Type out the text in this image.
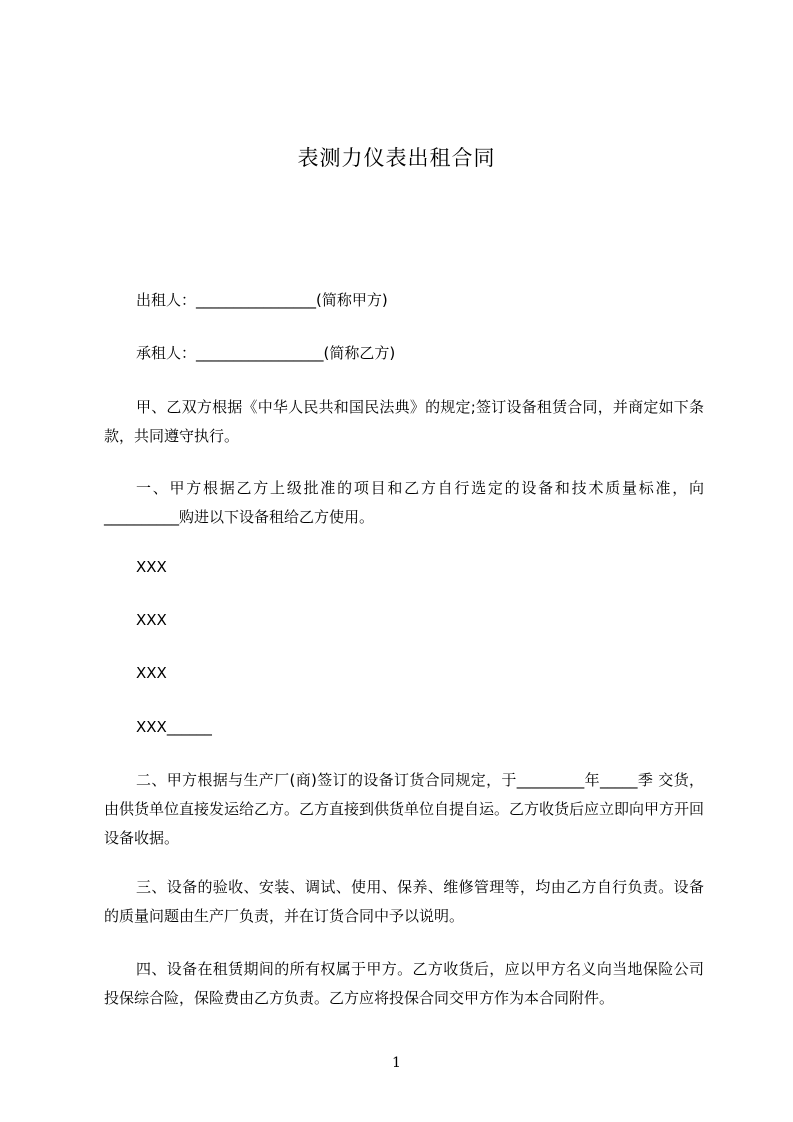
表测力仪表出租合同
出租人：________________(简称甲方)
承租人：_________________(简称乙方)
甲、乙双方根据《中华人民共和国民法典》的规定;签订设备租赁合同，并商定如下条款，共同遵守执行。
一、甲方根据乙方上级批准的项目和乙方自行选定的设备和技术质量标准，向__________购进以下设备租给乙方使用。
XXX
XXX
XXX
XXX______
二、甲方根据与生产厂(商)签订的设备订货合同规定，于_________年_____季 交货，由供货单位直接发运给乙方。乙方直接到供货单位自提自运。乙方收货后应立即向甲方开回设备收据。
三、设备的验收、安装、调试、使用、保养、维修管理等，均由乙方自行负责。设备的质量问题由生产厂负责，并在订货合同中予以说明。
四、设备在租赁期间的所有权属于甲方。乙方收货后，应以甲方名义向当地保险公司投保综合险，保险费由乙方负责。乙方应将投保合同交甲方作为本合同附件。
1
